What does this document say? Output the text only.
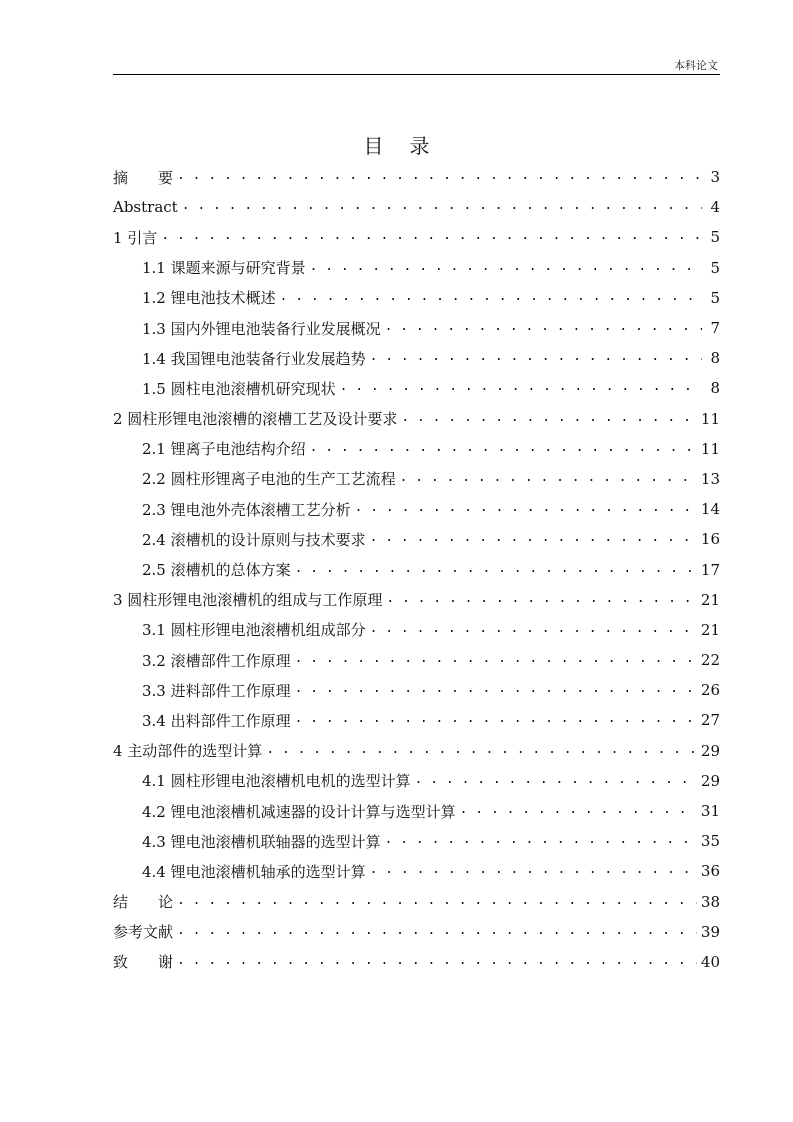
本科论文
目录
摘　　要 . . .	3
Abstract . . .	4
1 引言 . . .	5
1.1 课题来源与研究背景 . . .	5
1.2 锂电池技术概述 . . .	5
1.3 国内外锂电池装备行业发展概况 . . .	7
1.4 我国锂电池装备行业发展趋势 . . .	8
1.5 圆柱电池滚槽机研究现状 . . .	8
2 圆柱形锂电池滚槽的滚槽工艺及设计要求 . . .	11
2.1 锂离子电池结构介绍 . . .	11
2.2 圆柱形锂离子电池的生产工艺流程 . . .	13
2.3 锂电池外壳体滚槽工艺分析 . . .	14
2.4 滚槽机的设计原则与技术要求 . . .	16
2.5 滚槽机的总体方案 . . .	17
3 圆柱形锂电池滚槽机的组成与工作原理 . . .	21
3.1 圆柱形锂电池滚槽机组成部分 . . .	21
3.2 滚槽部件工作原理 . . .	22
3.3 进料部件工作原理 . . .	26
3.4 出料部件工作原理 . . .	27
4 主动部件的选型计算 . . .	29
4.1 圆柱形锂电池滚槽机电机的选型计算 . . .	29
4.2 锂电池滚槽机减速器的设计计算与选型计算 . . .	31
4.3 锂电池滚槽机联轴器的选型计算 . . .	35
4.4 锂电池滚槽机轴承的选型计算 . . .	36
结　　论 . . .	38
参考文献 . . .	39
致　　谢 . . .	40
